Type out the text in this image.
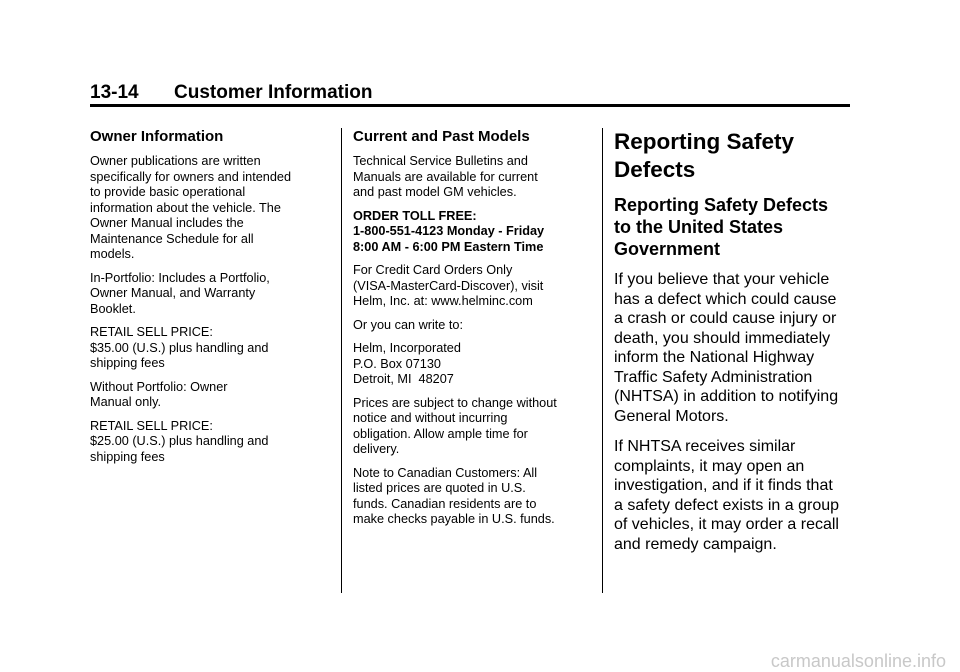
13-14 Customer Information
Owner Information

Owner publications are written
specifically for owners and intended
to provide basic operational
information about the vehicle. The
Owner Manual includes the
Maintenance Schedule for all
models.

In-Portfolio: Includes a Portfolio,
Owner Manual, and Warranty
Booklet.

RETAIL SELL PRICE:
$35.00 (U.S.) plus handling and
shipping fees

Without Portfolio: Owner
Manual only.

RETAIL SELL PRICE:
$25.00 (U.S.) plus handling and
shipping fees

Current and Past Models

Technical Service Bulletins and
Manuals are available for current
and past model GM vehicles.

ORDER TOLL FREE:
1-800-551-4123 Monday - Friday
8:00 AM - 6:00 PM Eastern Time

For Credit Card Orders Only
(VISA-MasterCard-Discover), visit
Helm, Inc. at: www.helminc.com

Or you can write to:

Helm, Incorporated
P.O. Box 07130
Detroit, MI  48207

Prices are subject to change without
notice and without incurring
obligation. Allow ample time for
delivery.

Note to Canadian Customers: All
listed prices are quoted in U.S.
funds. Canadian residents are to
make checks payable in U.S. funds.

Reporting Safety
Defects
Reporting Safety Defects
to the United States
Government

If you believe that your vehicle
has a defect which could cause
a crash or could cause injury or
death, you should immediately
inform the National Highway
Traffic Safety Administration
(NHTSA) in addition to notifying
General Motors.

If NHTSA receives similar
complaints, it may open an
investigation, and if it finds that
a safety defect exists in a group
of vehicles, it may order a recall
and remedy campaign.

carmanualsonline.info
